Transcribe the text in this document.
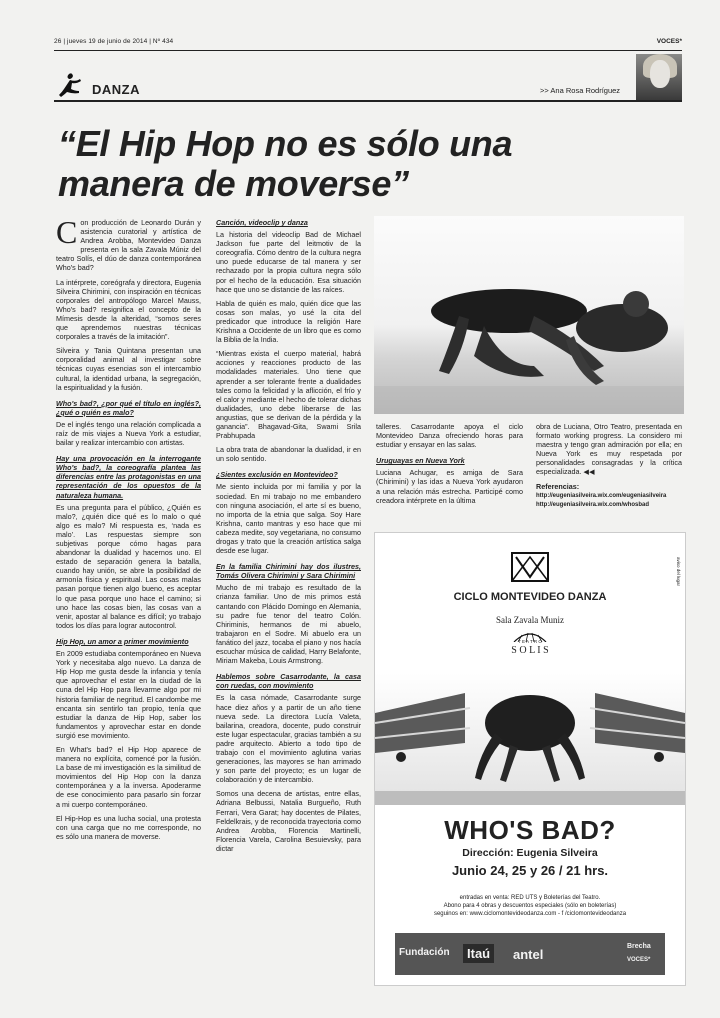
26 | jueves 19 de junio de 2014 | Nº 434	VOCES*
DANZA	>> Ana Rosa Rodríguez
“El Hip Hop no es sólo una
manera de moverse”

Con producción de Leonardo Durán y asistencia curatorial y artística de Andrea Arobba, Montevideo Danza presenta en la sala Zavala Múniz del teatro Solís, el dúo de danza contemporánea Who's bad?

La intérprete, coreógrafa y directora, Eugenia Silveira Chirimini, con inspiración en técnicas corporales del antropólogo Marcel Mauss, Who's bad? resignifica el concepto de la Mímesis desde la alteridad, “somos seres que aprendemos nuestras técnicas corporales a través de la imitación”.

Silveira y Tania Quintana presentan una corporalidad animal al investigar sobre técnicas cuyas esencias son el intercambio cultural, la identidad urbana, la segregación, la espiritualidad y la fusión.

Who's bad?, ¿por qué el título en inglés?, ¿qué o quién es malo?

De el inglés tengo una relación complicada a raíz de mis viajes a Nueva York a estudiar, bailar y realizar intercambio con artistas.

Hay una provocación en la interrogante Who's bad?, la coreografía plantea las diferencias entre las protagonistas en una representación de los opuestos de la naturaleza humana.

Es una pregunta para el público, ¿Quién es malo?, ¿quién dice qué es lo malo o qué algo es malo? Mi respuesta es, ‘nada es malo’. Las respuestas siempre son subjetivas porque cómo hagas para abandonar la dualidad y hacernos uno. El estado de separación genera la batalla, cuando hay unión, se abre la posibilidad de armonía física y espiritual. Las cosas malas pasan porque tienen algo bueno, es aceptar lo que pasa porque uno hace el camino; si uno hace las cosas bien, las cosas van a venir, apostar al balance es difícil; yo trabajo todos los días para lograr autocontrol.

Hip Hop, un amor a primer movimiento

En 2009 estudiaba contemporáneo en Nueva York y necesitaba algo nuevo. La danza de Hip Hop me gusta desde la infancia y tenía que aprovechar el estar en la ciudad de la cuna del Hip Hop para llevarme algo por mi historia familiar de negritud. El candombe me encanta sin sentirlo tan propio, tenía que estudiar la danza de Hip Hop, saber los fundamentos y aprovechar estar en donde surgió ese movimiento.

En What's bad? el Hip Hop aparece de manera no explícita, comencé por la fusión. La base de mi investigación es la similitud de movimientos del Hip Hop con la danza contemporánea y a la inversa. Apoderarme de ese conocimiento para pasarlo sin forzar a mi cuerpo contemporáneo.

El Hip-Hop es una lucha social, una protesta con una carga que no me corresponde, no es sólo una manera de moverse.

Canción, videoclip y danza

La historia del videoclip Bad de Michael Jackson fue parte del leitmotiv de la coreografía. Cómo dentro de la cultura negra uno puede educarse de tal manera y ser rechazado por la propia cultura negra sólo por el hecho de la educación. Esa situación hace que uno se distancie de las raíces.

Habla de quién es malo, quién dice que las cosas son malas, yo usé la cita del predicador que introduce la religión Hare Krishna a Occidente de un libro que es como la Biblia de la India.

“Mientras exista el cuerpo material, habrá acciones y reacciones producto de las modalidades materiales. Uno tiene que aprender a ser tolerante frente a dualidades tales como la felicidad y la aflicción, el frío y el calor y mediante el hecho de tolerar dichas dualidades, uno debe liberarse de las angustias, que se derivan de la pérdida y la ganancia”. Bhagavad-Gita, Swami Srila Prabhupada

La obra trata de abandonar la dualidad, ir en un solo sentido.

¿Sientes exclusión en Montevideo?

Me siento incluida por mi familia y por la sociedad. En mi trabajo no me embandero con ninguna asociación, el arte sí es bueno, no importa de la etnia que salga. Soy Hare Krishna, canto mantras y eso hace que mi cabeza medite, soy vegetariana, no consumo drogas y trato que la creación artística salga desde ese lugar.

En la familia Chirimini hay dos ilustres, Tomás Olivera Chirimini y Sara Chirimini

Mucho de mi trabajo es resultado de la crianza familiar. Uno de mis primos está cantando con Plácido Domingo en Alemania, su padre fue tenor del teatro Colón. Chiriminis, hermanos de mi abuelo, trabajaron en el Sodre. Mi abuelo era un fanático del jazz, tocaba el piano y nos hacía escuchar música de calidad, Harry Belafonte, Miriam Makeba, Louis Armstrong.

Hablemos sobre Casarrodante, la casa con ruedas, con movimiento

Es la casa nómade, Casarrodante surge hace diez años y a partir de un año tiene nueva sede. La directora Lucía Valeta, bailarina, creadora, docente, pudo construir este lugar espectacular, gracias también a su padre arquitecto. Abierto a todo tipo de trabajo con el movimiento aglutina varias generaciones, las mayores se han arrimado y son parte del proyecto; es un lugar de colaboración y de intercambio.

Somos una decena de artistas, entre ellas, Adriana Belbussi, Natalia Burgueño, Ruth Ferrari, Vera Garat; hay docentes de Pilates, Feldelkrais, y de reconocida trayectoria como Andrea Arobba, Florencia Martinelli, Florencia Varela, Carolina Besuievsky, para dictar

talleres. Casarrodante apoya el ciclo Montevideo Danza ofreciendo horas para estudiar y ensayar en las salas.

Uruguayas en Nueva York

Luciana Achugar, es amiga de Sara (Chirimini) y las idas a Nueva York ayudaron a una relación más estrecha. Participé como creadora intérprete en la última

obra de Luciana, Otro Teatro, presentada en formato working progress. La considero mi maestra y tengo gran admiración por ella; en Nueva York es muy respetada por personalidades consagradas y la crítica especializada. ◀◀

Referencias:

http://eugeniasilveira.wix.com/eugeniasilveira

http://eugeniasilveira.wix.com/whosbad

aviso del lugar
CICLO MONTEVIDEO DANZA
Sala Zavala Muniz
T E A T R O
S O L I S
WHO'S BAD?
Dirección: Eugenia Silveira
Junio 24, 25 y 26 / 21 hrs.
entradas en venta: RED UTS y Boleterías del Teatro.
Abono para 4 obras y descuentos especiales (sólo en boleterías)
seguinos en: www.ciclomontevideodanza.com - f /ciclomontevideodanza
Fundación	Itaú	antel
Brecha
VOCES*
